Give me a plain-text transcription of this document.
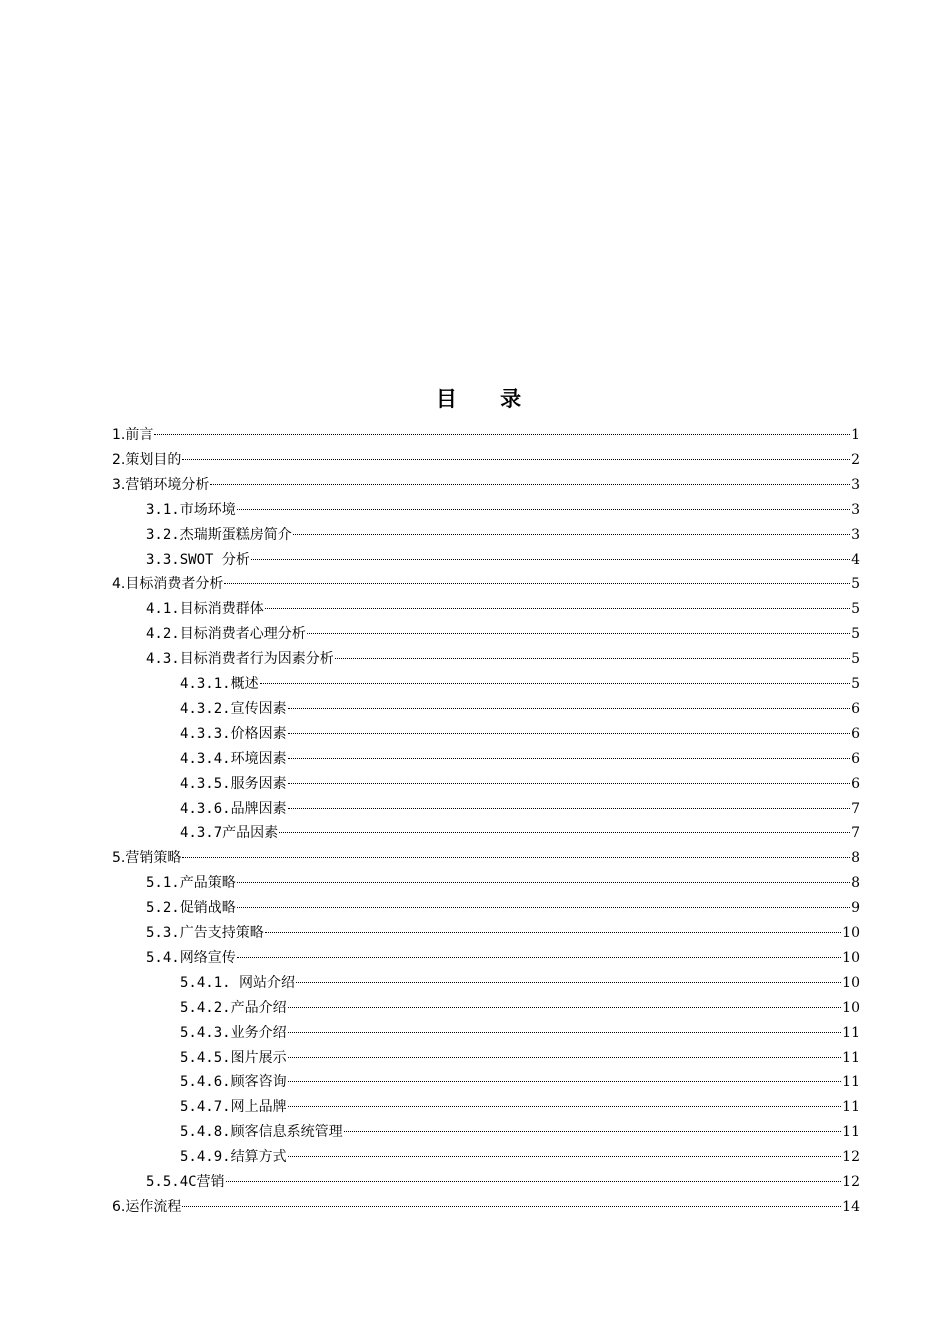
目 录
1.前言	1
2.策划目的	2
3.营销环境分析	3
3.1.市场环境	3
3.2.杰瑞斯蛋糕房简介	3
3.3.SWOT 分析	4
4.目标消费者分析	5
4.1.目标消费群体	5
4.2.目标消费者心理分析	5
4.3.目标消费者行为因素分析	5
4.3.1.概述	5
4.3.2.宣传因素	6
4.3.3.价格因素	6
4.3.4.环境因素	6
4.3.5.服务因素	6
4.3.6.品牌因素	7
4.3.7产品因素	7
5.营销策略	8
5.1.产品策略	8
5.2.促销战略	9
5.3.广告支持策略	10
5.4.网络宣传	10
5.4.1. 网站介绍	10
5.4.2.产品介绍	10
5.4.3.业务介绍	11
5.4.5.图片展示	11
5.4.6.顾客咨询	11
5.4.7.网上品牌	11
5.4.8.顾客信息系统管理	11
5.4.9.结算方式	12
5.5.4C营销	12
6.运作流程	14
